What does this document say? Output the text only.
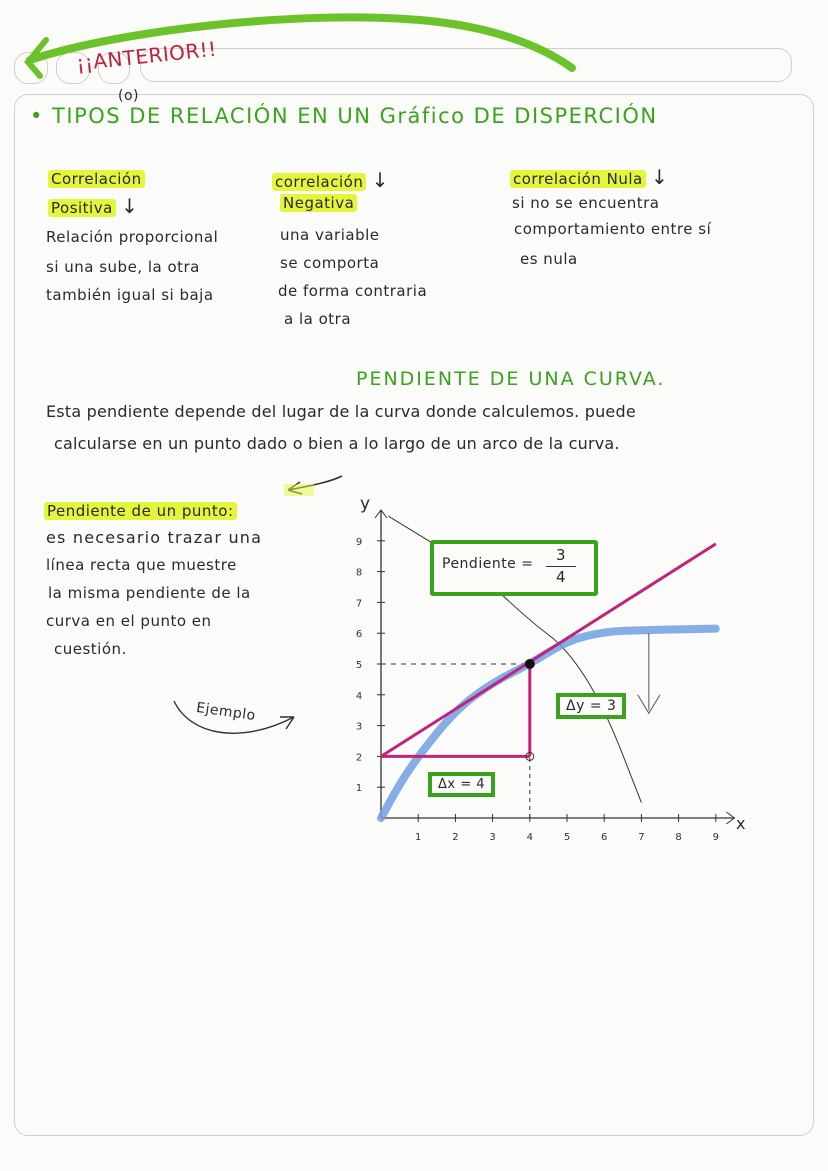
¡¡ANTERIOR!!
(o)
• TIPOS DE RELACIÓN EN UN Gráfico DE DISPERCIÓN
Correlación
Positiva ↓
Relación proporcional
si una sube, la otra
también igual si baja
correlación ↓
Negativa
una variable
se comporta
de forma contraria
a la otra
correlación Nula ↓
si no se encuentra
comportamiento entre sí
es nula
PENDIENTE DE UNA CURVA.
Esta pendiente depende del lugar de la curva donde calculemos. puede
calcularse en un punto dado o bien a lo largo de un arco de la curva.
Pendiente de un punto:
es necesario trazar una
línea recta que muestre
la misma pendiente de la
curva en el punto en
cuestión.
Ejemplo
1	2	3	4	5	6	7	8	9
1
2
3
4
5
6
7
8
9
y
x
Pendiente = 3
4
Δy = 3
Δx = 4
